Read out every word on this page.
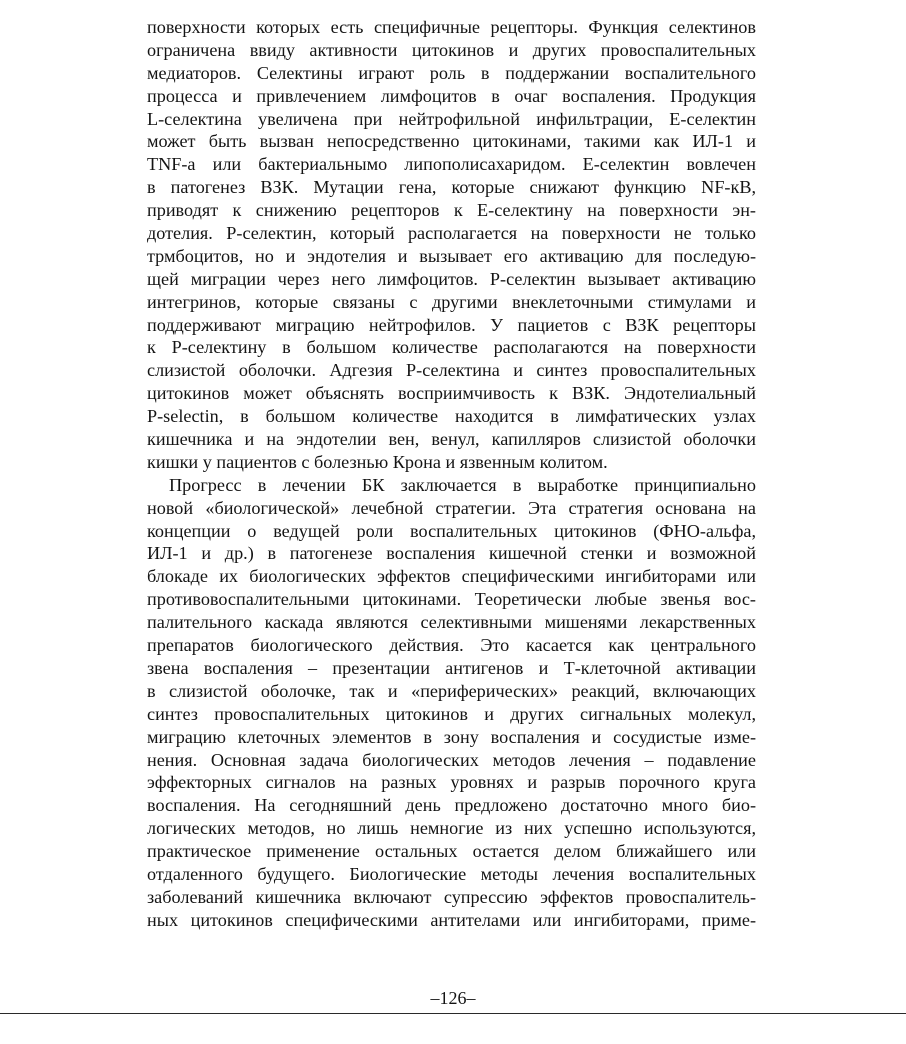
поверхности которых есть специфичные рецепторы. Функция селектинов
ограничена ввиду активности цитокинов и других провоспалительных
медиаторов. Селектины играют роль в поддержании воспалительного
процесса и привлечением лимфоцитов в очаг воспаления. Продукция
L-селектина увеличена при нейтрофильной инфильтрации, Е-селектин
может быть вызван непосредственно цитокинами, такими как ИЛ-1 и
TNF-a или бактериальнымо липополисахаридом. Е-селектин вовлечен
в патогенез ВЗК. Мутации гена, которые снижают функцию NF-кВ,
приводят к снижению рецепторов к Е-селектину на поверхности эн-
дотелия. Р-селектин, который располагается на поверхности не только
трмбоцитов, но и эндотелия и вызывает его активацию для последую-
щей миграции через него лимфоцитов. Р-селектин вызывает активацию
интегринов, которые связаны с другими внеклеточными стимулами и
поддерживают миграцию нейтрофилов. У пациетов с ВЗК рецепторы
к Р-селектину в большом количестве располагаются на поверхности
слизистой оболочки. Адгезия Р-селектина и синтез провоспалительных
цитокинов может объяснять восприимчивость к ВЗК. Эндотелиальный
P-selectin, в большом количестве находится в лимфатических узлах
кишечника и на эндотелии вен, венул, капилляров слизистой оболочки
кишки у пациентов с болезнью Крона и язвенным колитом.
Прогресс в лечении БК заключается в выработке принципиально
новой «биологической» лечебной стратегии. Эта стратегия основана на
концепции о ведущей роли воспалительных цитокинов (ФНО-альфа,
ИЛ-1 и др.) в патогенезе воспаления кишечной стенки и возможной
блокаде их биологических эффектов специфическими ингибиторами или
противовоспалительными цитокинами. Теоретически любые звенья вос-
палительного каскада являются селективными мишенями лекарственных
препаратов биологического действия. Это касается как центрального
звена воспаления – презентации антигенов и Т-клеточной активации
в слизистой оболочке, так и «периферических» реакций, включающих
синтез провоспалительных цитокинов и других сигнальных молекул,
миграцию клеточных элементов в зону воспаления и сосудистые изме-
нения. Основная задача биологических методов лечения – подавление
эффекторных сигналов на разных уровнях и разрыв порочного круга
воспаления. На сегодняшний день предложено достаточно много био-
логических методов, но лишь немногие из них успешно используются,
практическое применение остальных остается делом ближайшего или
отдаленного будущего. Биологические методы лечения воспалительных
заболеваний кишечника включают супрессию эффектов провоспалитель-
ных цитокинов специфическими антителами или ингибиторами, приме-
–126–
